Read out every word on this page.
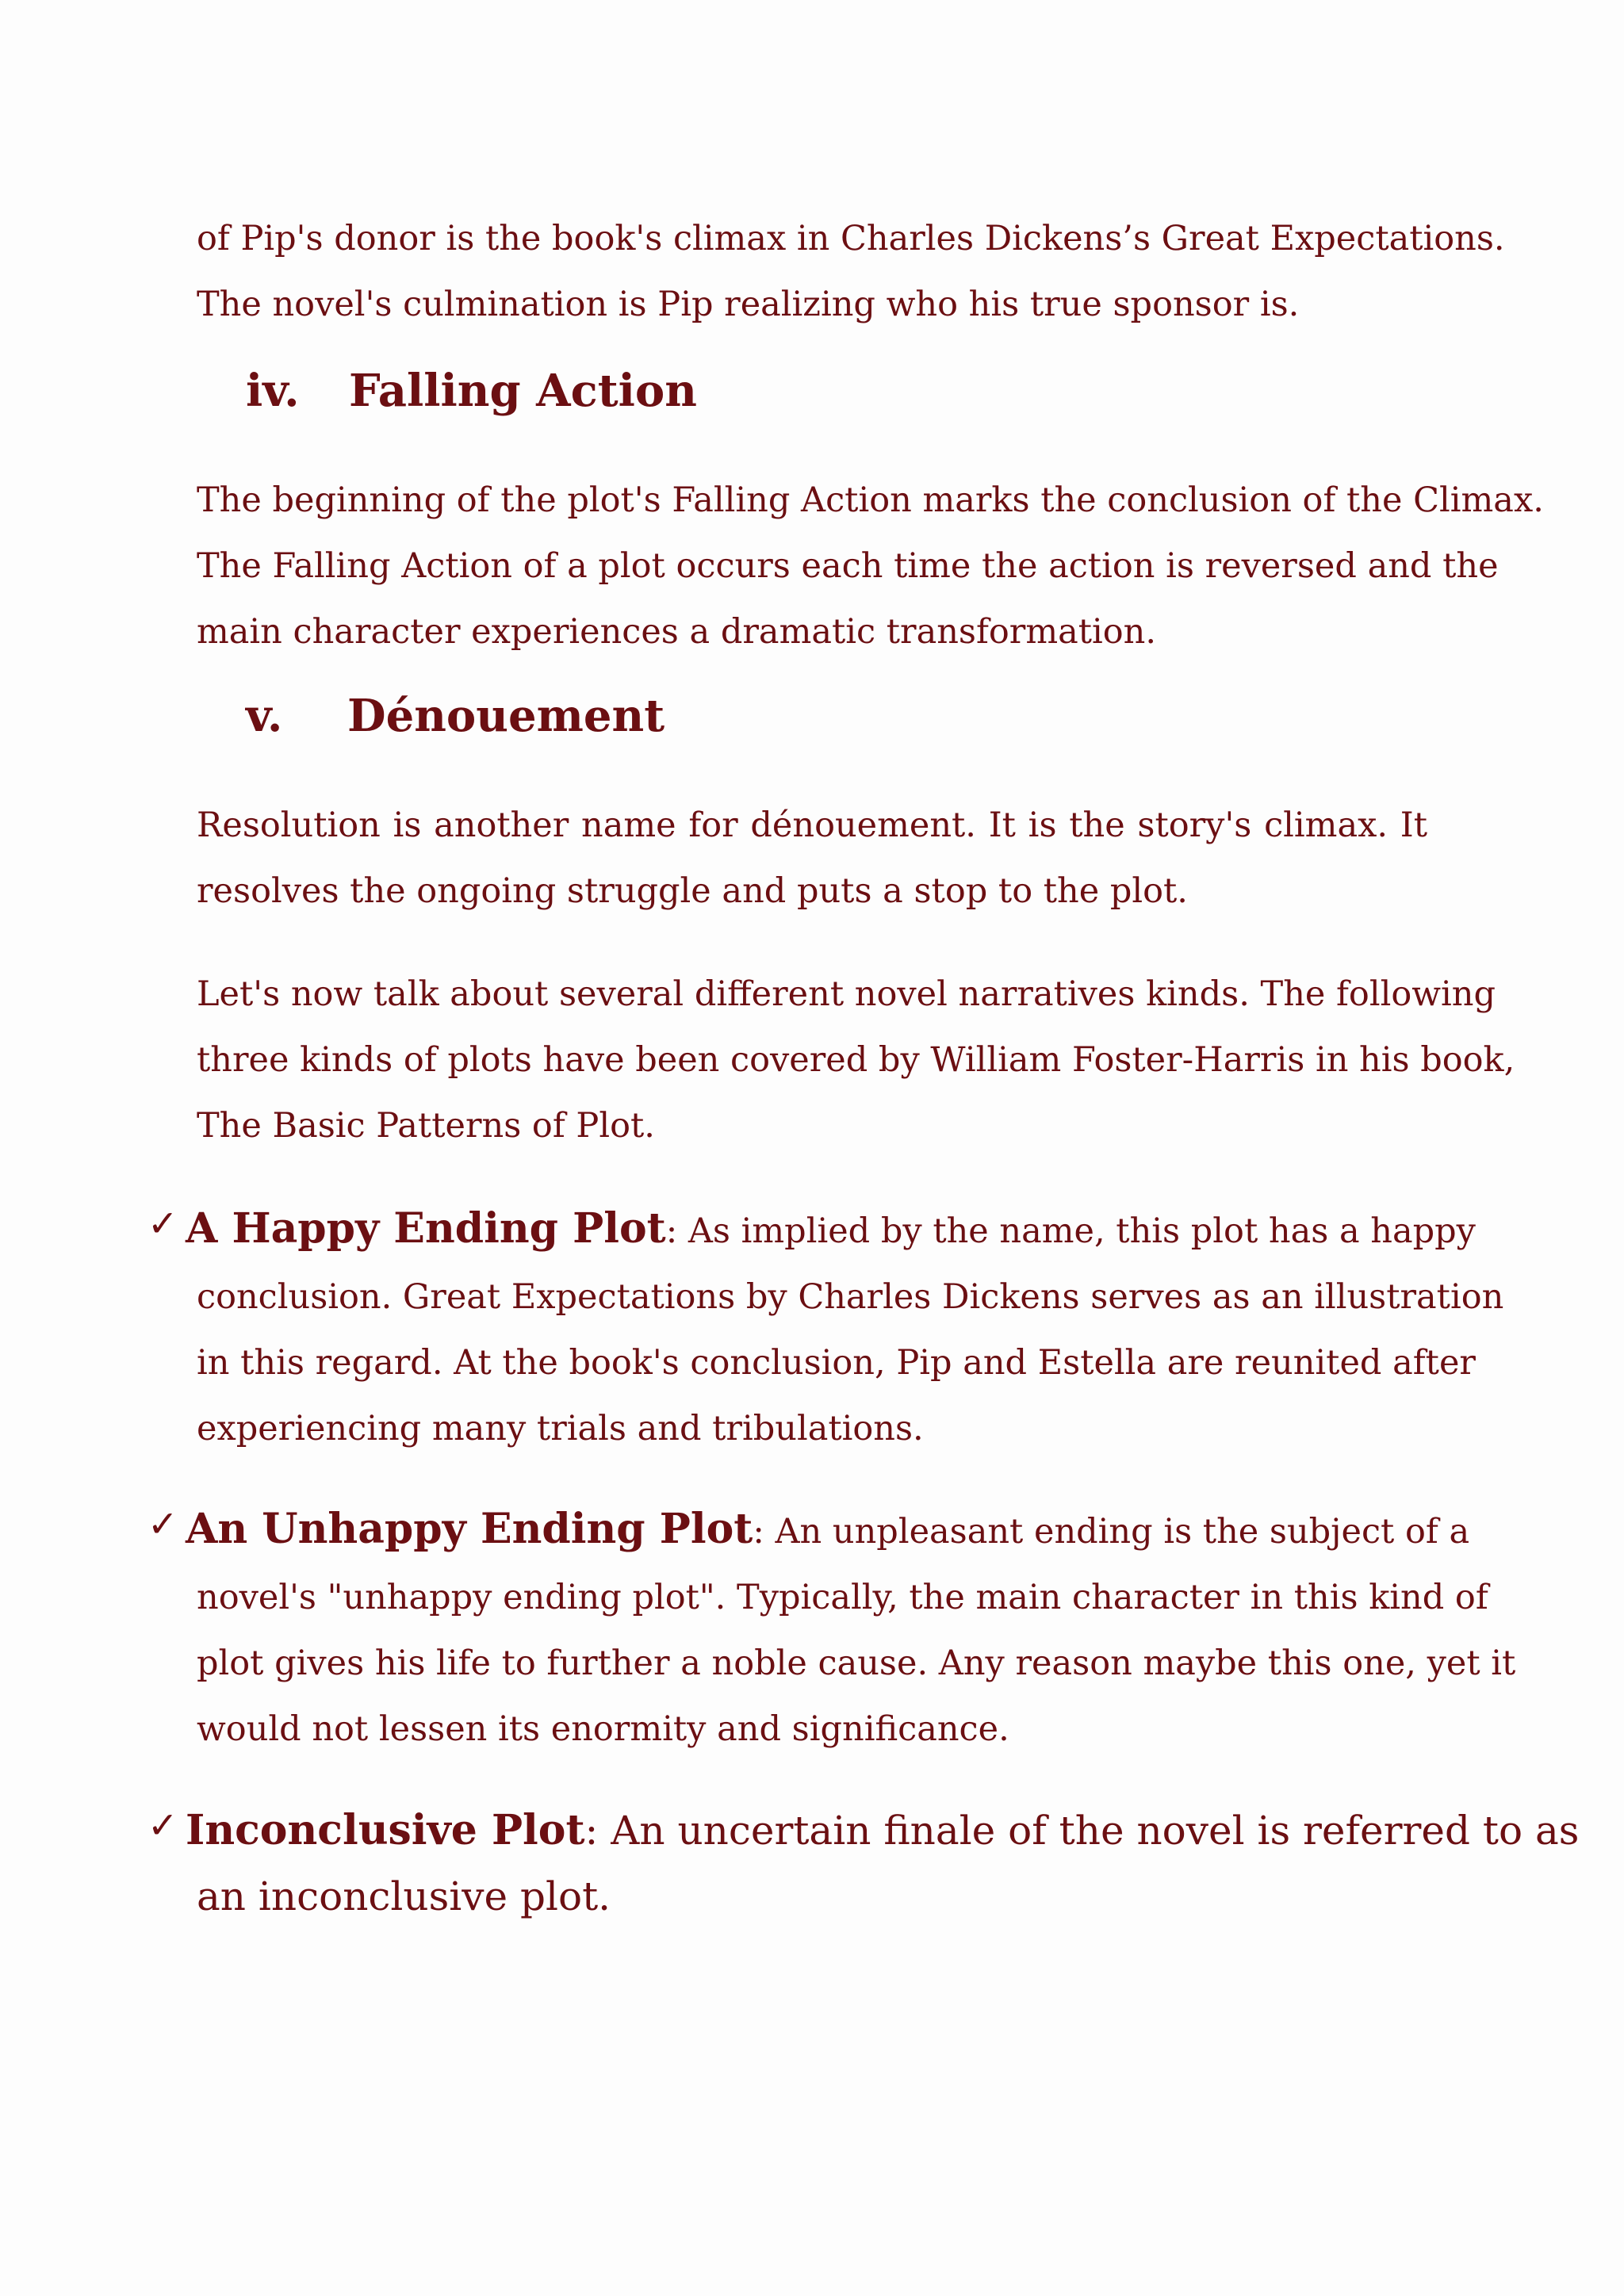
of Pip's donor is the book's climax in Charles Dickens’s Great Expectations.
The novel's culmination is Pip realizing who his true sponsor is.

iv. Falling Action

The beginning of the plot's Falling Action marks the conclusion of the Climax.
The Falling Action of a plot occurs each time the action is reversed and the
main character experiences a dramatic transformation.

v. Dénouement

Resolution is another name for dénouement. It is the story's climax. It
resolves the ongoing struggle and puts a stop to the plot.

Let's now talk about several different novel narratives kinds. The following
three kinds of plots have been covered by William Foster-Harris in his book,
The Basic Patterns of Plot.

✓ A Happy Ending Plot: As implied by the name, this plot has a happy
conclusion. Great Expectations by Charles Dickens serves as an illustration
in this regard. At the book's conclusion, Pip and Estella are reunited after
experiencing many trials and tribulations.
✓ An Unhappy Ending Plot: An unpleasant ending is the subject of a
novel's "unhappy ending plot". Typically, the main character in this kind of
plot gives his life to further a noble cause. Any reason maybe this one, yet it
would not lessen its enormity and significance.
✓ Inconclusive Plot: An uncertain finale of the novel is referred to as
an inconclusive plot.
